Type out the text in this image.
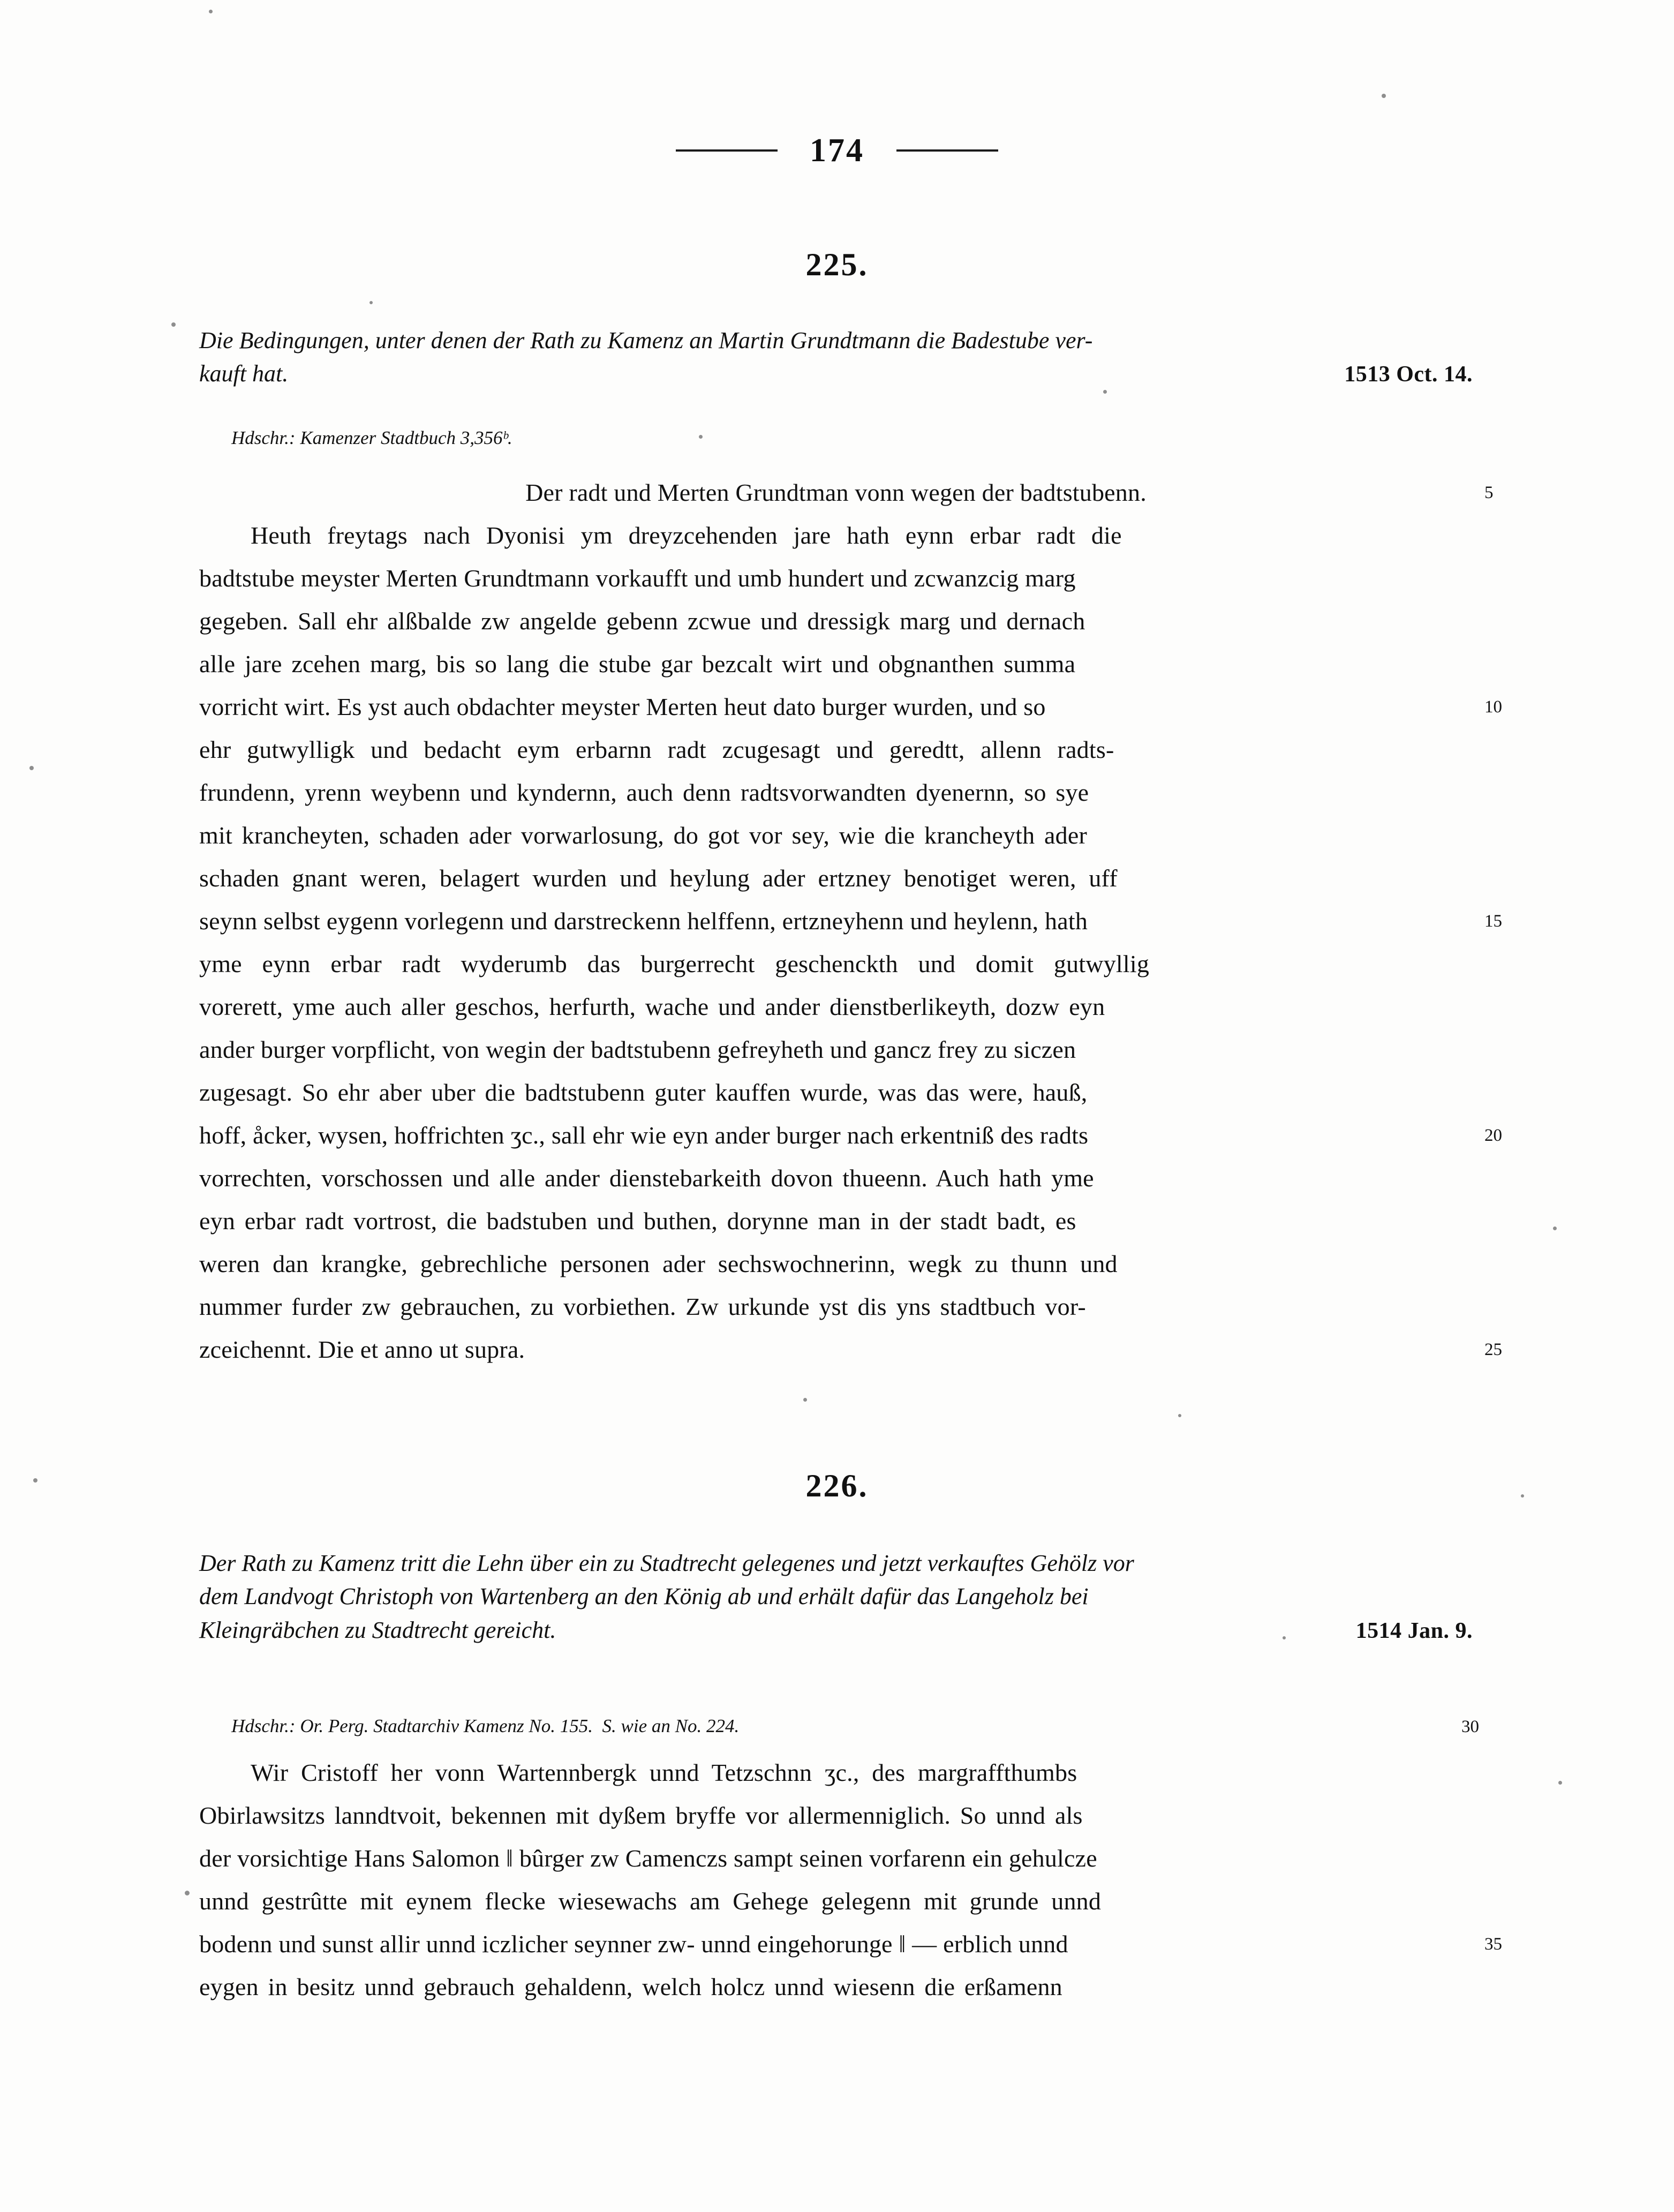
174
225.
Die Bedingungen, unter denen der Rath zu Kamenz an Martin Grundtmann die Badestube ver-
kauft hat.	1513 Oct. 14.
Hdschr.: Kamenzer Stadtbuch 3,356ᵇ.
Der radt und Merten Grundtman vonn wegen der badtstubenn.	5
Heuth freytags nach Dyonisi ym dreyzcehenden jare hath eynn erbar radt die
badtstube meyster Merten Grundtmann vorkaufft und umb hundert und zcwanzcig marg
gegeben. Sall ehr alßbalde zw angelde gebenn zcwue und dressigk marg und dernach
alle jare zcehen marg, bis so lang die stube gar bezcalt wirt und obgnanthen summa
vorricht wirt. Es yst auch obdachter meyster Merten heut dato burger wurden, und so	10
ehr gutwylligk und bedacht eym erbarnn radt zcugesagt und geredtt, allenn radts-
frundenn, yrenn weybenn und kyndernn, auch denn radtsvorwandten dyenernn, so sye
mit krancheyten, schaden ader vorwarlosung, do got vor sey, wie die krancheyth ader
schaden gnant weren, belagert wurden und heylung ader ertzney benotiget weren, uff
seynn selbst eygenn vorlegenn und darstreckenn helffenn, ertzneyhenn und heylenn, hath	15
yme eynn erbar radt wyderumb das burgerrecht geschenckth und domit gutwyllig
vorerett, yme auch aller geschos, herfurth, wache und ander dienstberlikeyth, dozw eyn
ander burger vorpflicht, von wegin der badtstubenn gefreyheth und gancz frey zu siczen
zugesagt. So ehr aber uber die badtstubenn guter kauffen wurde, was das were, hauß,
hoff, åcker, wysen, hoffrichten ʒc., sall ehr wie eyn ander burger nach erkentniß des radts	20
vorrechten, vorschossen und alle ander dienstebarkeith dovon thueenn. Auch hath yme
eyn erbar radt vortrost, die badstuben und buthen, dorynne man in der stadt badt, es
weren dan krangke, gebrechliche personen ader sechswochnerinn, wegk zu thunn und
nummer furder zw gebrauchen, zu vorbiethen. Zw urkunde yst dis yns stadtbuch vor-
zceichennt. Die et anno ut supra.	25
226.
Der Rath zu Kamenz tritt die Lehn über ein zu Stadtrecht gelegenes und jetzt verkauftes Gehölz vor
dem Landvogt Christoph von Wartenberg an den König ab und erhält dafür das Langeholz bei
Kleingräbchen zu Stadtrecht gereicht.	1514 Jan. 9.
Hdschr.: Or. Perg. Stadtarchiv Kamenz No. 155.  S. wie an No. 224.	30
Wir Cristoff her vonn Wartennbergk unnd Tetzschnn ʒc., des margraffthumbs
Obirlawsitzs lanndtvoit, bekennen mit dyßem bryffe vor allermenniglich. So unnd als
der vorsichtige Hans Salomon ‖ bûrger zw Camenczs sampt seinen vorfarenn ein gehulcze
unnd gestrûtte mit eynem flecke wiesewachs am Gehege gelegenn mit grunde unnd
bodenn und sunst allir unnd iczlicher seynner zw- unnd eingehorunge ‖ — erblich unnd	35
eygen in besitz unnd gebrauch gehaldenn, welch holcz unnd wiesenn die erßamenn
